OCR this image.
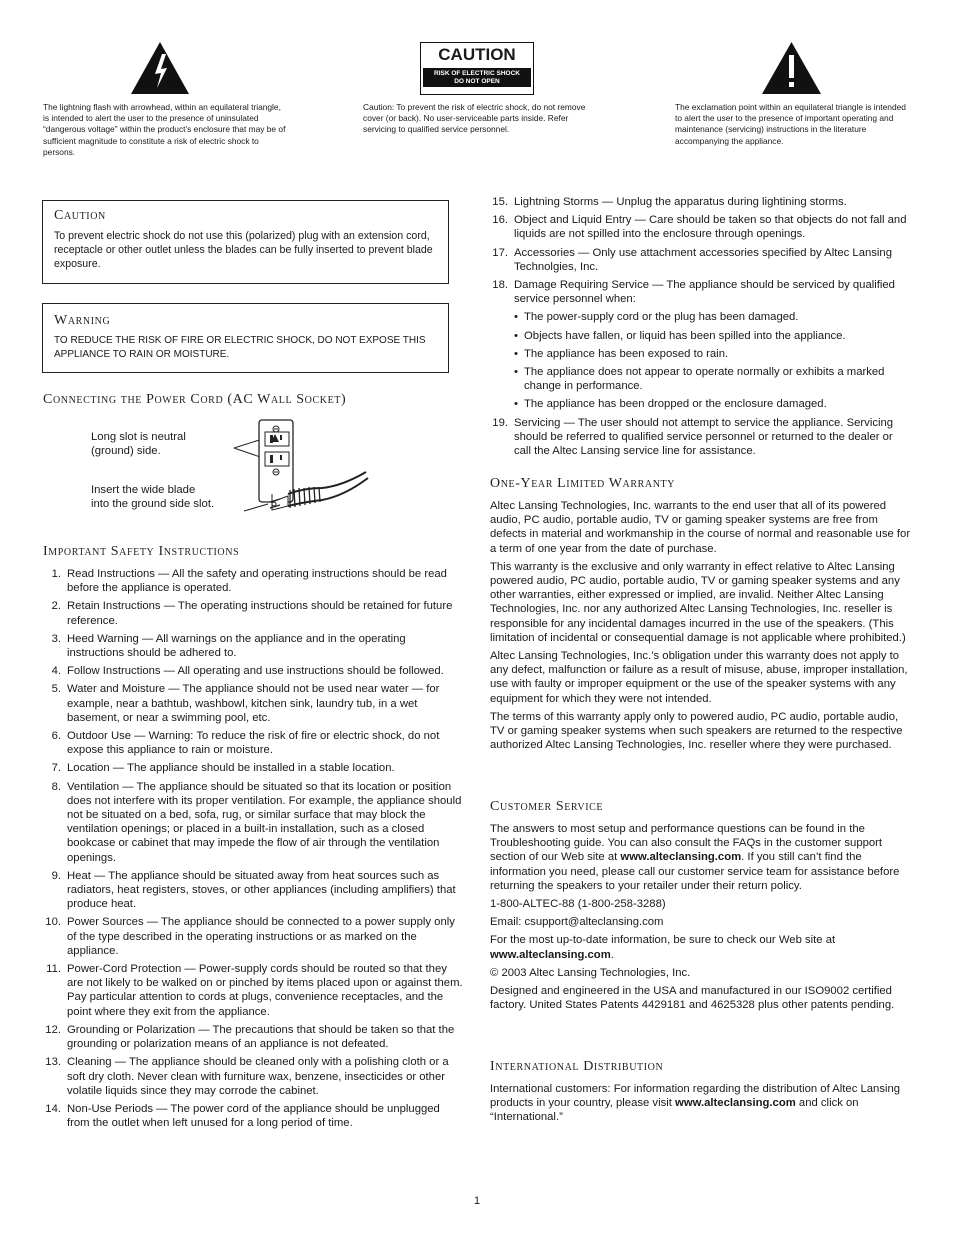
The lightning flash with arrowhead, within an equilateral triangle, is intended to alert the user to the presence of uninsulated “dangerous voltage” within the product’s enclosure that may be of sufficient magnitude to constitute a risk of electric shock to persons.
CAUTION
RISK OF ELECTRIC SHOCK
DO NOT OPEN
Caution: To prevent the risk of electric shock, do not remove cover (or back). No user-serviceable parts inside. Refer servicing to qualified service personnel.
The exclamation point within an equilateral triangle is intended to alert the user to the presence of important operating and maintenance (servicing) instructions in the literature accompanying the appliance.
Caution
To prevent electric shock do not use this (polarized) plug with an extension cord, receptacle or other outlet unless the blades can be fully inserted to prevent blade exposure.
Warning
TO REDUCE THE RISK OF FIRE OR ELECTRIC SHOCK, DO NOT EXPOSE THIS APPLIANCE TO RAIN OR MOISTURE.
Connecting the Power Cord (AC Wall Socket)
Long slot is neutral
(ground) side.
Insert the wide blade
into the ground side slot.
Important Safety Instructions
1. Read Instructions — All the safety and operating instructions should be read before the appliance is operated.
2. Retain Instructions — The operating instructions should be retained for future reference.
3. Heed Warning — All warnings on the appliance and in the operating instructions should be adhered to.
4. Follow Instructions — All operating and use instructions should be followed.
5. Water and Moisture — The appliance should not be used near water — for example, near a bathtub, washbowl, kitchen sink, laundry tub, in a wet basement, or near a swimming pool, etc.
6. Outdoor Use — Warning: To reduce the risk of fire or electric shock, do not expose this appliance to rain or moisture.
7. Location — The appliance should be installed in a stable location.
8. Ventilation — The appliance should be situated so that its location or position does not interfere with its proper ventilation. For example, the appliance should not be situated on a bed, sofa, rug, or similar surface that may block the ventilation openings; or placed in a built-in installation, such as a closed bookcase or cabinet that may impede the flow of air through the ventilation openings.
9. Heat — The appliance should be situated away from heat sources such as radiators, heat registers, stoves, or other appliances (including amplifiers) that produce heat.
10. Power Sources — The appliance should be connected to a power supply only of the type described in the operating instructions or as marked on the appliance.
11. Power-Cord Protection — Power-supply cords should be routed so that they are not likely to be walked on or pinched by items placed upon or against them. Pay particular attention to cords at plugs, convenience receptacles, and the point where they exit from the appliance.
12. Grounding or Polarization — The precautions that should be taken so that the grounding or polarization means of an appliance is not defeated.
13. Cleaning — The appliance should be cleaned only with a polishing cloth or a soft dry cloth. Never clean with furniture wax, benzene, insecticides or other volatile liquids since they may corrode the cabinet.
14. Non-Use Periods — The power cord of the appliance should be unplugged from the outlet when left unused for a long period of time.
15. Lightning Storms — Unplug the apparatus during lightining storms.
16. Object and Liquid Entry — Care should be taken so that objects do not fall and liquids are not spilled into the enclosure through openings.
17. Accessories — Only use attachment accessories specified by Altec Lansing Technolgies, Inc.
18. Damage Requiring Service — The appliance should be serviced by qualified service personnel when:
• The power-supply cord or the plug has been damaged.
• Objects have fallen, or liquid has been spilled into the appliance.
• The appliance has been exposed to rain.
• The appliance does not appear to operate normally or exhibits a marked change in performance.
• The appliance has been dropped or the enclosure damaged.
19. Servicing — The user should not attempt to service the appliance. Servicing should be referred to qualified service personnel or returned to the dealer or call the Altec Lansing service line for assistance.
One-Year Limited Warranty

Altec Lansing Technologies, Inc. warrants to the end user that all of its powered audio, PC audio, portable audio, TV or gaming speaker systems are free from defects in material and workmanship in the course of normal and reasonable use for a term of one year from the date of purchase.

This warranty is the exclusive and only warranty in effect relative to Altec Lansing powered audio, PC audio, portable audio, TV or gaming speaker systems and any other warranties, either expressed or implied, are invalid. Neither Altec Lansing Technologies, Inc. nor any authorized Altec Lansing Technologies, Inc. reseller is responsible for any incidental damages incurred in the use of the speakers. (This limitation of incidental or consequential damage is not applicable where prohibited.)

Altec Lansing Technologies, Inc.’s obligation under this warranty does not apply to any defect, malfunction or failure as a result of misuse, abuse, improper installation, use with faulty or improper equipment or the use of the speaker systems with any equipment for which they were not intended.

The terms of this warranty apply only to powered audio, PC audio, portable audio, TV or gaming speaker systems when such speakers are returned to the respective authorized Altec Lansing Technologies, Inc. reseller where they were purchased.

Customer Service

The answers to most setup and performance questions can be found in the Troubleshooting guide. You can also consult the FAQs in the customer support section of our Web site at www.alteclansing.com. If you still can’t find the information you need, please call our customer service team for assistance before returning the speakers to your retailer under their return policy.

1-800-ALTEC-88 (1-800-258-3288)

Email: csupport@alteclansing.com

For the most up-to-date information, be sure to check our Web site at www.alteclansing.com.

© 2003 Altec Lansing Technologies, Inc.

Designed and engineered in the USA and manufactured in our ISO9002 certified factory. United States Patents 4429181 and 4625328 plus other patents pending.

International Distribution

International customers: For information regarding the distribution of Altec Lansing products in your country, please visit www.alteclansing.com and click on “International.”

1
